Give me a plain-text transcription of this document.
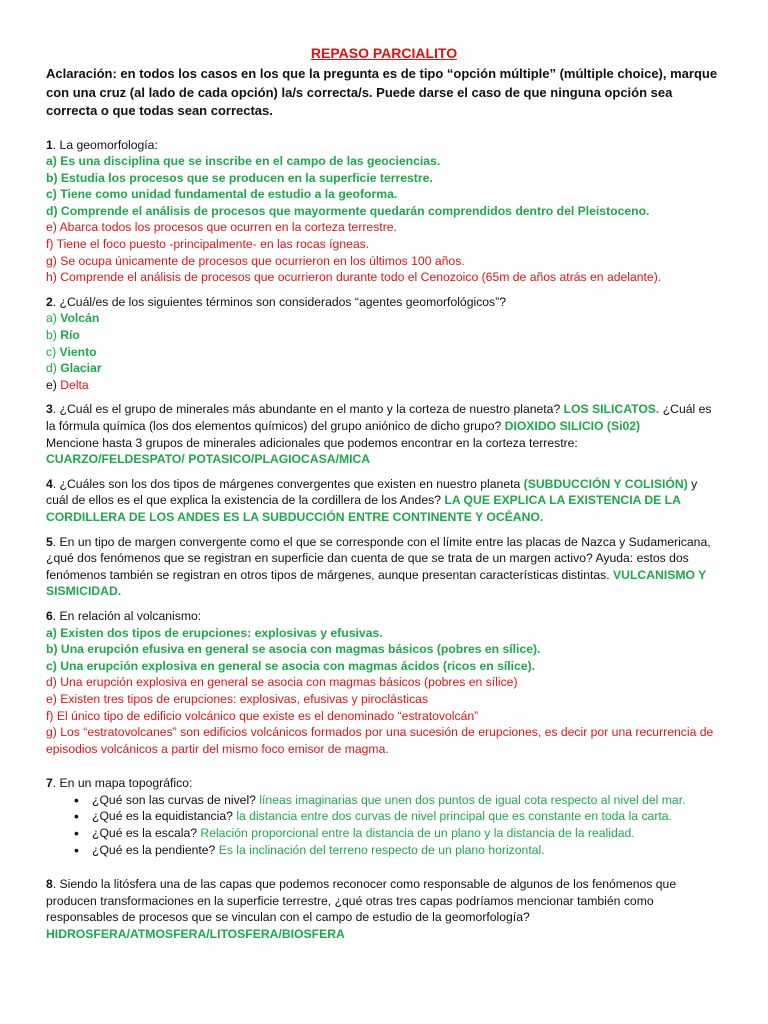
REPASO PARCIALITO
Aclaración: en todos los casos en los que la pregunta es de tipo “opción múltiple” (múltiple choice), marque con una cruz (al lado de cada opción) la/s correcta/s. Puede darse el caso de que ninguna opción sea correcta o que todas sean correctas.
1. La geomorfología:
a) Es una disciplina que se inscribe en el campo de las geociencias.
b) Estudia los procesos que se producen en la superficie terrestre.
c) Tiene como unidad fundamental de estudio a la geoforma.
d) Comprende el análisis de procesos que mayormente quedarán comprendidos dentro del Pleistoceno.
e) Abarca todos los procesos que ocurren en la corteza terrestre.
f) Tiene el foco puesto -principalmente- en las rocas ígneas.
g) Se ocupa únicamente de procesos que ocurrieron en los últimos 100 años.
h) Comprende el análisis de procesos que ocurrieron durante todo el Cenozoico (65m de años atrás en adelante).
2. ¿Cuál/es de los siguientes términos son considerados “agentes geomorfológicos”?
a) Volcán
b) Río
c) Viento
d) Glaciar
e) Delta
3. ¿Cuál es el grupo de minerales más abundante en el manto y la corteza de nuestro planeta? LOS SILICATOS. ¿Cuál es la fórmula química (los dos elementos químicos) del grupo aniónico de dicho grupo? DIOXIDO SILICIO (Si02)
Mencione hasta 3 grupos de minerales adicionales que podemos encontrar en la corteza terrestre:
CUARZO/FELDESPATO/ POTASICO/PLAGIOCASA/MICA
4. ¿Cuáles son los dos tipos de márgenes convergentes que existen en nuestro planeta (SUBDUCCIÓN Y COLISIÓN) y cuál de ellos es el que explica la existencia de la cordillera de los Andes? LA QUE EXPLICA LA EXISTENCIA DE LA CORDILLERA DE LOS ANDES ES LA SUBDUCCIÓN ENTRE CONTINENTE Y OCÉANO.
5. En un tipo de margen convergente como el que se corresponde con el límite entre las placas de Nazca y Sudamericana, ¿qué dos fenómenos que se registran en superficie dan cuenta de que se trata de un margen activo? Ayuda: estos dos fenómenos también se registran en otros tipos de márgenes, aunque presentan características distintas. VULCANISMO Y SISMICIDAD.
6. En relación al volcanismo:
a) Existen dos tipos de erupciones: explosivas y efusivas.
b) Una erupción efusiva en general se asocia con magmas básicos (pobres en sílice).
c) Una erupción explosiva en general se asocia con magmas ácidos (ricos en sílice).
d) Una erupción explosiva en general se asocia con magmas básicos (pobres en sílice)
e) Existen tres tipos de erupciones: explosivas, efusivas y piroclásticas
f) El único tipo de edificio volcánico que existe es el denominado “estratovolcán”
g) Los “estratovolcanes” son edificios volcánicos formados por una sucesión de erupciones, es decir por una recurrencia de episodios volcánicos a partir del mismo foco emisor de magma.
7. En un mapa topográfico:
• ¿Qué son las curvas de nivel? líneas imaginarias que unen dos puntos de igual cota respecto al nivel del mar.
• ¿Qué es la equidistancia? la distancia entre dos curvas de nivel principal que es constante en toda la carta.
• ¿Qué es la escala? Relación proporcional entre la distancia de un plano y la distancia de la realidad.
• ¿Qué es la pendiente? Es la inclinación del terreno respecto de un plano horizontal.
8. Siendo la litósfera una de las capas que podemos reconocer como responsable de algunos de los fenómenos que producen transformaciones en la superficie terrestre, ¿qué otras tres capas podríamos mencionar también como responsables de procesos que se vinculan con el campo de estudio de la geomorfología?
HIDROSFERA/ATMOSFERA/LITOSFERA/BIOSFERA
